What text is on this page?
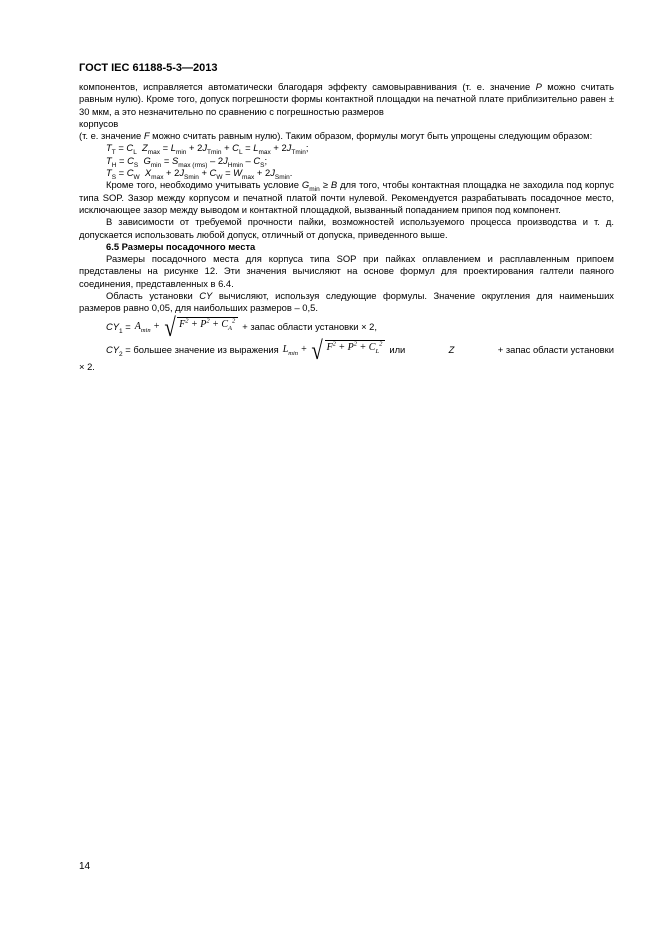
ГОСТ IEC 61188-5-3—2013

компонентов, исправляется автоматически благодаря эффекту самовыравнивания (т. е. значение P можно считать равным нулю). Кроме того, допуск погрешности формы контактной площадки на печатной плате приблизительно равен ± 30 мкм, а это незначительно по сравнению с погрешностью размеров

корпусов

(т. е. значение F можно считать равным нулю). Таким образом, формулы могут быть упрощены следующим образом:

$T_T = C_L$ $Z_{max} = L_{min} + 2J_{Tmin} + C_L = L_{max} + 2J_{Tmin}$;
$T_H = C_S$ $G_{min} = S_{max (rms)} - 2J_{Hmin} - C_S$;
$T_S = C_W$ $X_{max} + 2J_{Smin} + C_W = W_{max} + 2J_{Smin}$.

Кроме того, необходимо учитывать условие $G_{min} \ge B$ для того, чтобы контактная площадка не заходила под корпус типа SOP. Зазор между корпусом и печатной платой почти нулевой. Рекомендуется разрабатывать посадочное место, исключающее зазор между выводом и контактной площадкой, вызванный попаданием припоя под компонент.

В зависимости от требуемой прочности пайки, возможностей используемого процесса производства и т. д. допускается использовать любой допуск, отличный от допуска, приведенного выше.

6.5 Размеры посадочного места

Размеры посадочного места для корпуса типа SOP при пайках оплавлением и расплавленным припоем представлены на рисунке 12. Эти значения вычисляют на основе формул для проектирования галтели паяного соединения, представленных в 6.4.

Область установки CY вычисляют, используя следующие формулы. Значение округления для наименьших размеров равно 0,05, для наибольших размеров – 0,5.

$CY_1 = A_{min}$ + √ $F^2 + P^2 + C_A^2$ + запас области установки × 2,
$CY_2$ = большее значение из выражения $L_{min}$ + √ $F^2 + P^2 + C_L^2$ или	Z	+ запас области установки

× 2.

14
